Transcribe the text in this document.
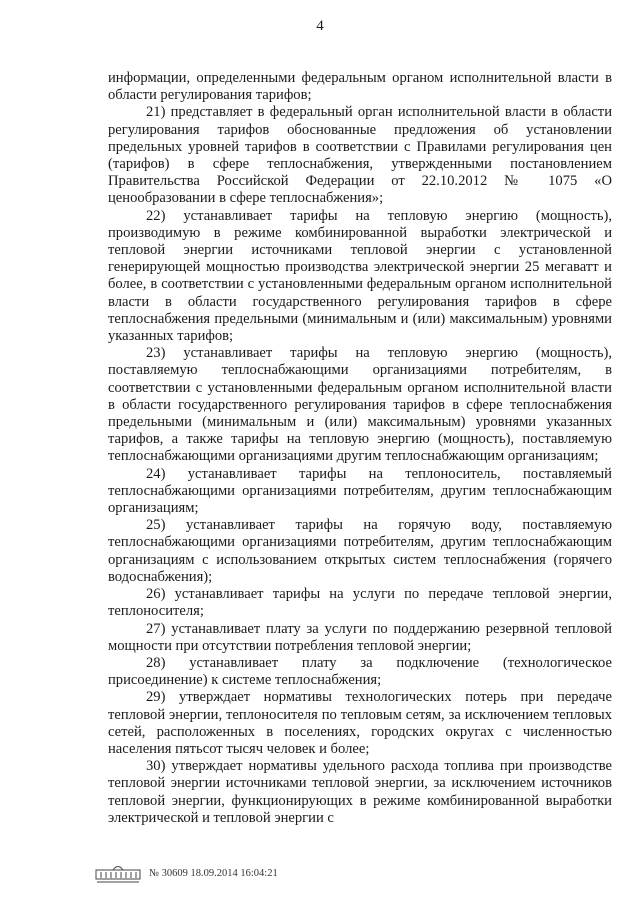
4

информации, определенными федеральным органом исполнительной власти в области регулирования тарифов;

21) представляет в федеральный орган исполнительной власти в области регулирования тарифов обоснованные предложения об установлении предельных уровней тарифов в соответствии с Правилами регулирования цен (тарифов) в сфере теплоснабжения, утвержденными постановлением Правительства Российской Федерации от 22.10.2012 № 1075 «О ценообразовании в сфере теплоснабжения»;

22) устанавливает тарифы на тепловую энергию (мощность), производимую в режиме комбинированной выработки электрической и тепловой энергии источниками тепловой энергии с установленной генерирующей мощностью производства электрической энергии 25 мегаватт и более, в соответствии с установленными федеральным органом исполнительной власти в области государственного регулирования тарифов в сфере теплоснабжения предельными (минимальным и (или) максимальным) уровнями указанных тарифов;

23) устанавливает тарифы на тепловую энергию (мощность), поставляемую теплоснабжающими организациями потребителям, в соответствии с установленными федеральным органом исполнительной власти в области государственного регулирования тарифов в сфере теплоснабжения предельными (минимальным и (или) максимальным) уровнями указанных тарифов, а также тарифы на тепловую энергию (мощность), поставляемую теплоснабжающими организациями другим теплоснабжающим организациям;

24) устанавливает тарифы на теплоноситель, поставляемый теплоснабжающими организациями потребителям, другим теплоснабжающим организациям;

25) устанавливает тарифы на горячую воду, поставляемую теплоснабжающими организациями потребителям, другим теплоснабжающим организациям с использованием открытых систем теплоснабжения (горячего водоснабжения);

26) устанавливает тарифы на услуги по передаче тепловой энергии, теплоносителя;

27) устанавливает плату за услуги по поддержанию резервной тепловой мощности при отсутствии потребления тепловой энергии;

28) устанавливает плату за подключение (технологическое присоединение) к системе теплоснабжения;

29) утверждает нормативы технологических потерь при передаче тепловой энергии, теплоносителя по тепловым сетям, за исключением тепловых сетей, расположенных в поселениях, городских округах с численностью населения пятьсот тысяч человек и более;

30) утверждает нормативы удельного расхода топлива при производстве тепловой энергии источниками тепловой энергии, за исключением источников тепловой энергии, функционирующих в режиме комбинированной выработки электрической и тепловой энергии с

№ 30609 18.09.2014 16:04:21
